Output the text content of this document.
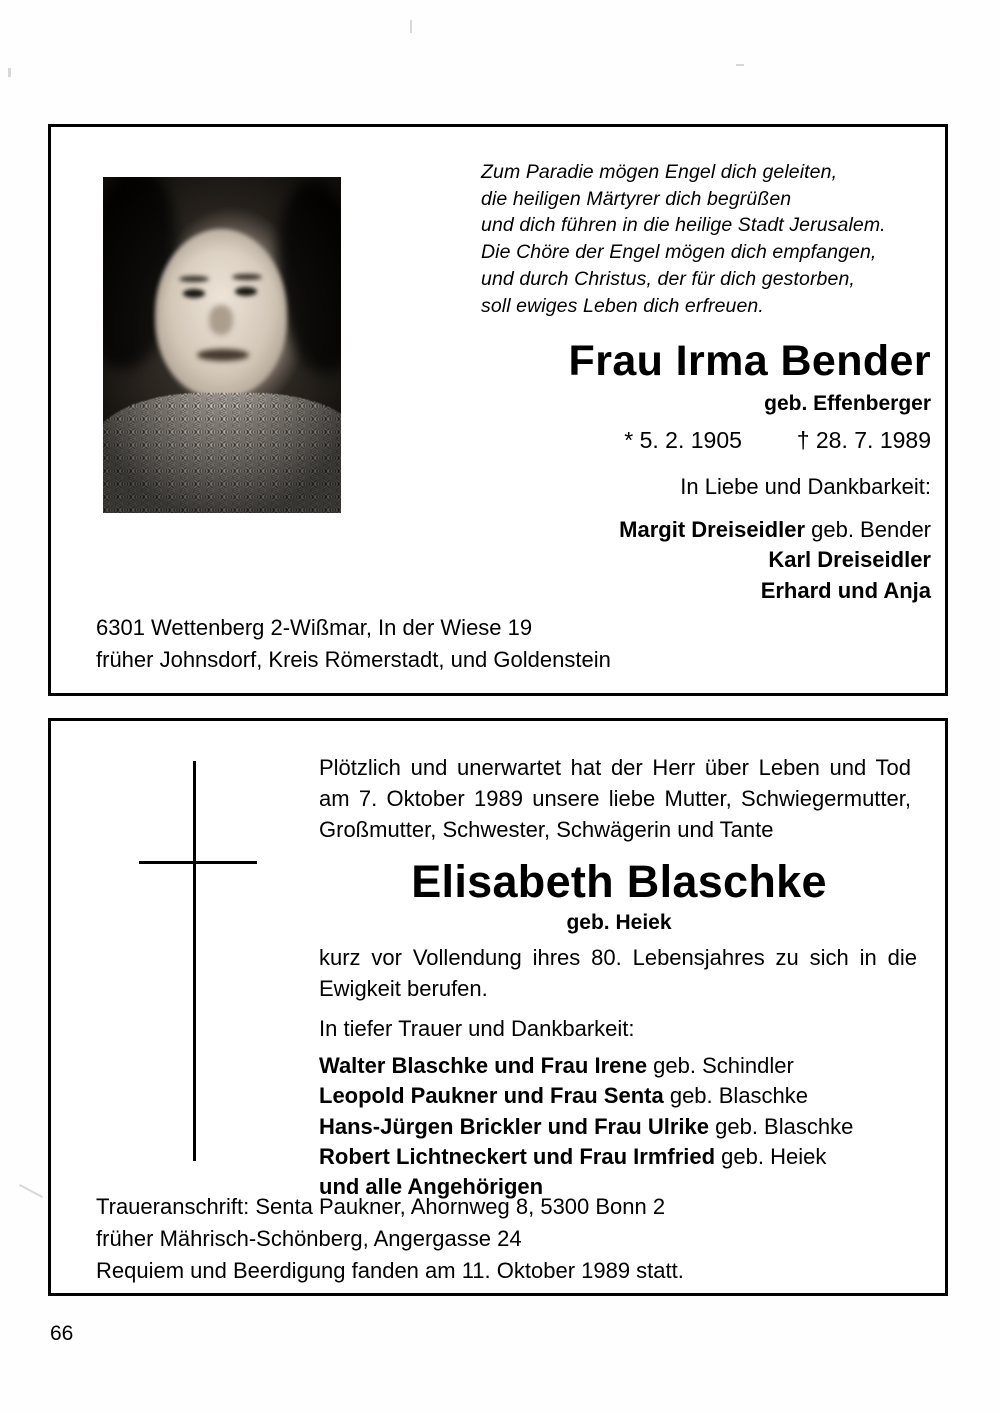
Zum Paradie mögen Engel dich geleiten,
die heiligen Märtyrer dich begrüßen
und dich führen in die heilige Stadt Jerusalem.
Die Chöre der Engel mögen dich empfangen,
und durch Christus, der für dich gestorben,
soll ewiges Leben dich erfreuen.
Frau Irma Bender
geb. Effenberger
* 5. 2. 1905 † 28. 7. 1989
In Liebe und Dankbarkeit:
Margit Dreiseidler geb. Bender
Karl Dreiseidler
Erhard und Anja
6301 Wettenberg 2-Wißmar, In der Wiese 19
früher Johnsdorf, Kreis Römerstadt, und Goldenstein
Plötzlich und unerwartet hat der Herr über Leben und Tod am 7. Oktober 1989 unsere liebe Mutter, Schwiegermutter, Großmutter, Schwester, Schwägerin und Tante
Elisabeth Blaschke
geb. Heiek
kurz vor Vollendung ihres 80. Lebensjahres zu sich in die Ewigkeit berufen.
In tiefer Trauer und Dankbarkeit:
Walter Blaschke und Frau Irene geb. Schindler
Leopold Paukner und Frau Senta geb. Blaschke
Hans-Jürgen Brickler und Frau Ulrike geb. Blaschke
Robert Lichtneckert und Frau Irmfried geb. Heiek
und alle Angehörigen
Traueranschrift: Senta Paukner, Ahornweg 8, 5300 Bonn 2
früher Mährisch-Schönberg, Angergasse 24
Requiem und Beerdigung fanden am 11. Oktober 1989 statt.
66
